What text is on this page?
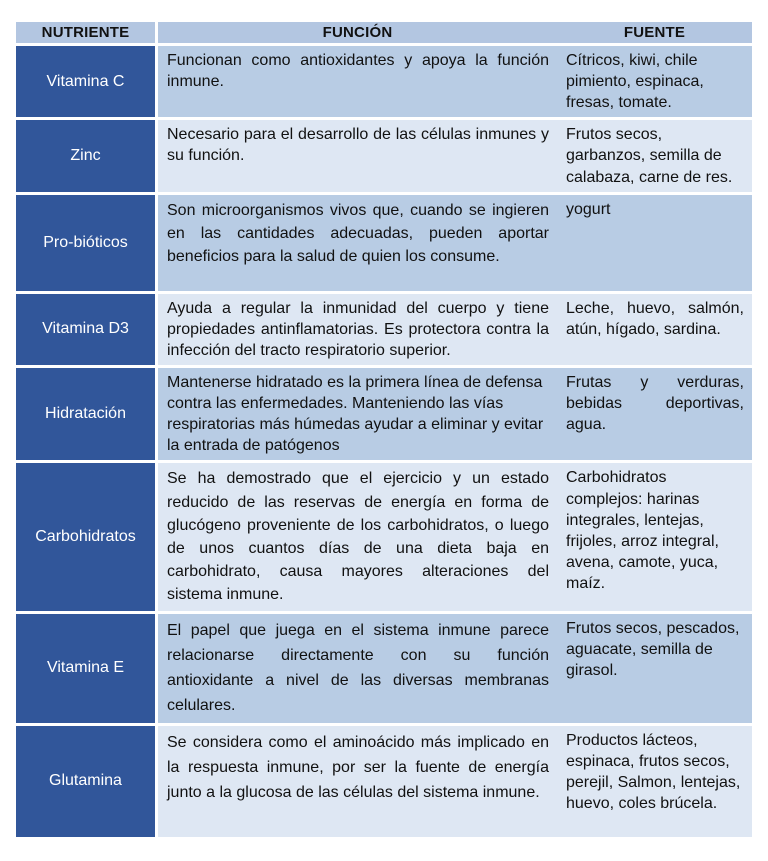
NUTRIENTE	FUNCIÓN	FUENTE
Vitamina C	Funcionan como antioxidantes y apoya la función inmune.	Cítricos, kiwi, chile pimiento, espinaca, fresas, tomate.
Zinc	Necesario para el desarrollo de las células inmunes y su función.	Frutos secos, garbanzos, semilla de calabaza, carne de res.
Pro-bióticos	Son microorganismos vivos que, cuando se ingieren en las cantidades adecuadas, pueden aportar beneficios para la salud de quien los consume.	yogurt
Vitamina D3	Ayuda a regular la inmunidad del cuerpo y tiene propiedades antinflamatorias. Es protectora contra la infección del tracto respiratorio superior.	Leche, huevo, salmón, atún, hígado, sardina.
Hidratación	Mantenerse hidratado es la primera línea de defensa contra las enfermedades. Manteniendo las vías respiratorias más húmedas ayudar a eliminar y evitar la entrada de patógenos	Frutas y verduras, bebidas deportivas, agua.
Carbohidratos	Se ha demostrado que el ejercicio y un estado reducido de las reservas de energía en forma de glucógeno proveniente de los carbohidratos, o luego de unos cuantos días de una dieta baja en carbohidrato, causa mayores alteraciones del sistema inmune.	Carbohidratos complejos: harinas integrales, lentejas, frijoles, arroz integral, avena, camote, yuca, maíz.
Vitamina E	El papel que juega en el sistema inmune parece relacionarse directamente con su función antioxidante a nivel de las diversas membranas celulares.	Frutos secos, pescados, aguacate, semilla de girasol.
Glutamina	Se considera como el aminoácido más implicado en la respuesta inmune, por ser la fuente de energía junto a la glucosa de las células del sistema inmune.	Productos lácteos, espinaca, frutos secos, perejil, Salmon, lentejas, huevo, coles brúcela.
